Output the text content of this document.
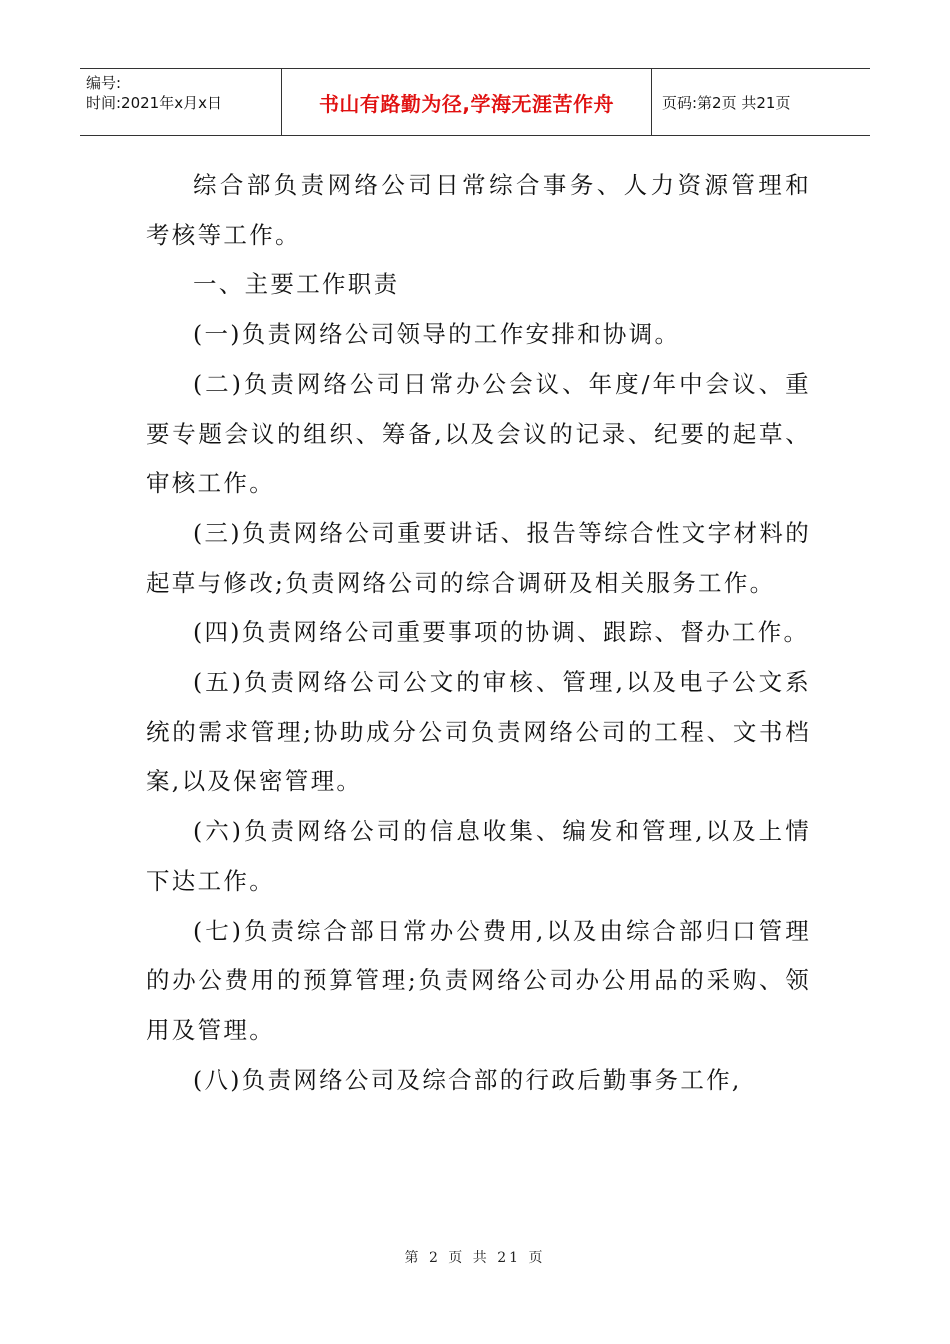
编号:
时间:2021年x月x日	书山有路勤为径,学海无涯苦作舟	页码:第2页 共21页

综合部负责网络公司日常综合事务、人力资源管理和考核等工作。

一、主要工作职责

(一)负责网络公司领导的工作安排和协调。

(二)负责网络公司日常办公会议、年度/年中会议、重要专题会议的组织、筹备,以及会议的记录、纪要的起草、审核工作。

(三)负责网络公司重要讲话、报告等综合性文字材料的起草与修改;负责网络公司的综合调研及相关服务工作。

(四)负责网络公司重要事项的协调、跟踪、督办工作。

(五)负责网络公司公文的审核、管理,以及电子公文系统的需求管理;协助成分公司负责网络公司的工程、文书档案,以及保密管理。

(六)负责网络公司的信息收集、编发和管理,以及上情下达工作。

(七)负责综合部日常办公费用,以及由综合部归口管理的办公费用的预算管理;负责网络公司办公用品的采购、领用及管理。

(八)负责网络公司及综合部的行政后勤事务工作,

第 2 页 共 21 页
